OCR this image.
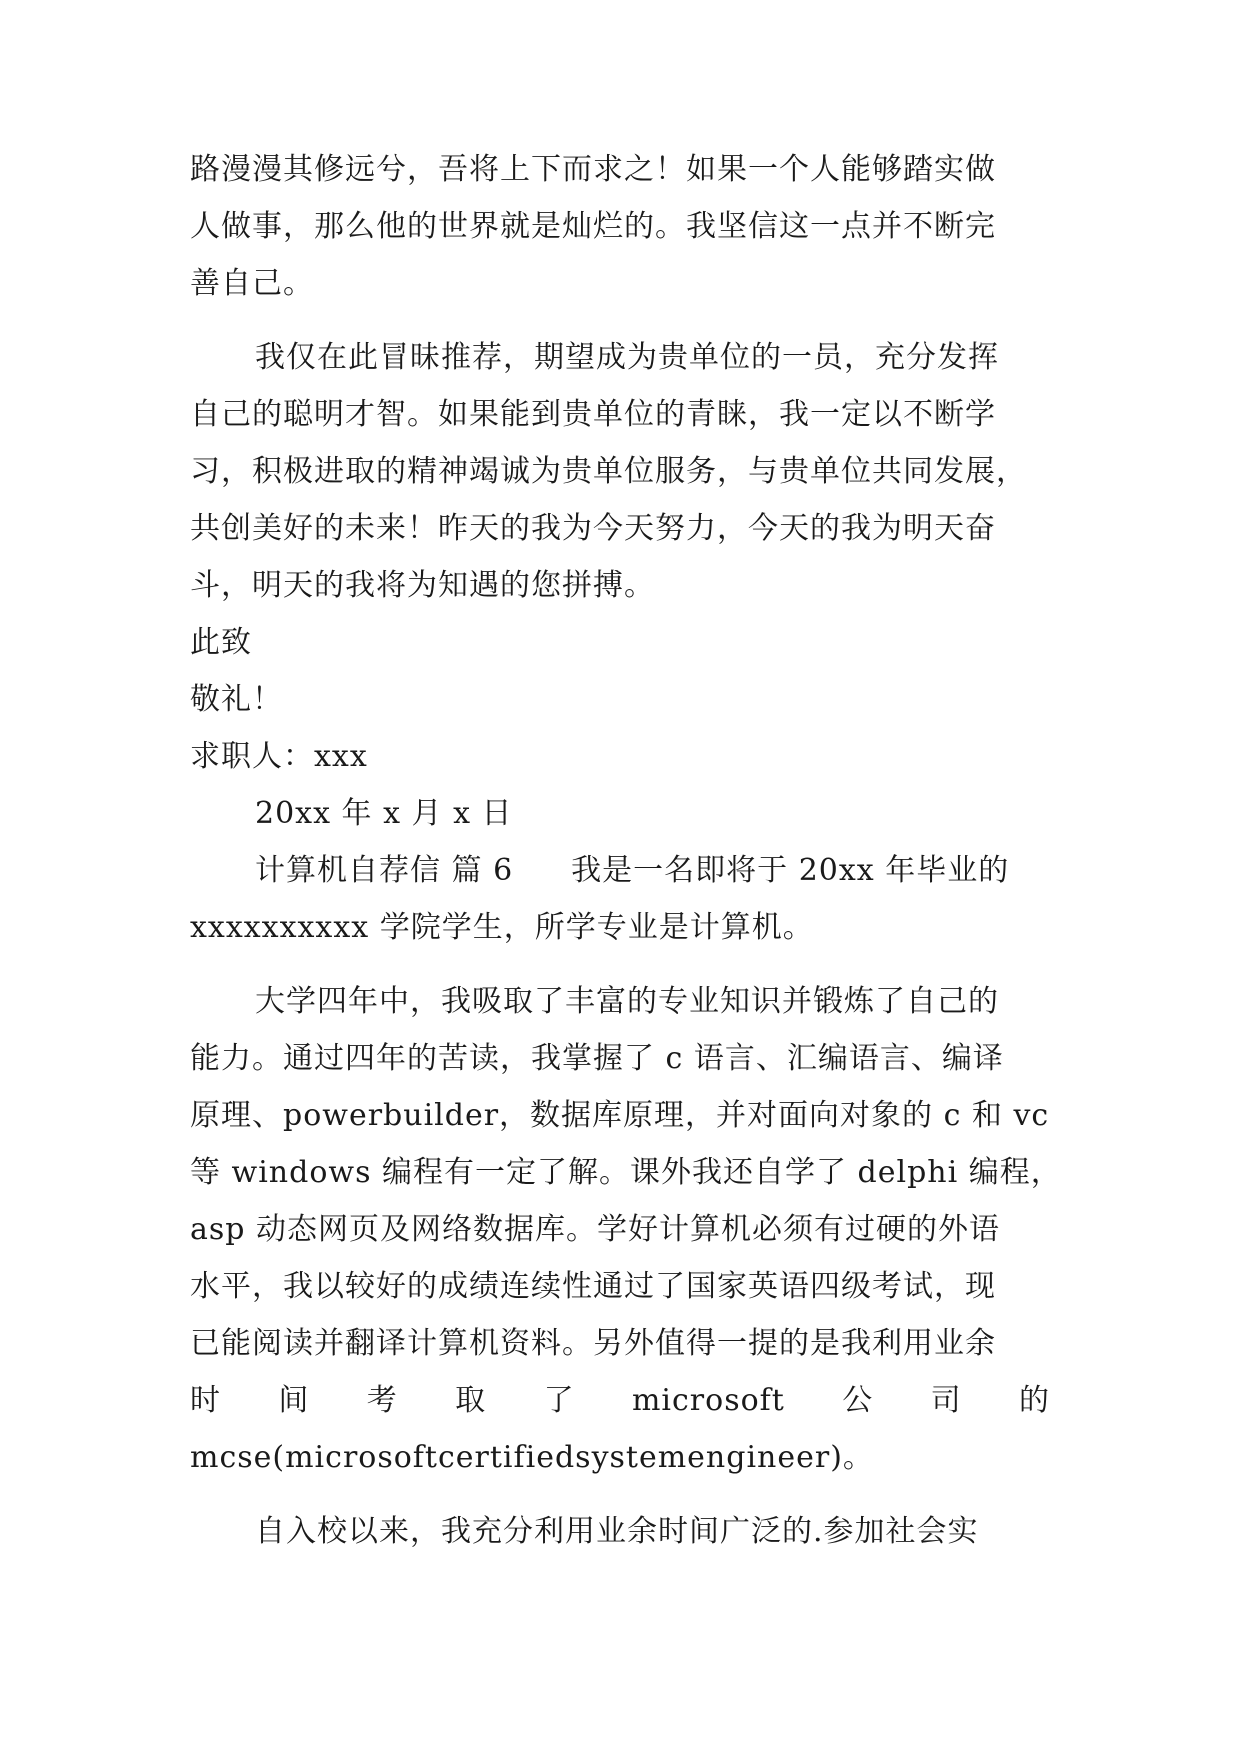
路漫漫其修远兮，吾将上下而求之！如果一个人能够踏实做
人做事，那么他的世界就是灿烂的。我坚信这一点并不断完
善自己。
我仅在此冒昧推荐，期望成为贵单位的一员，充分发挥
自己的聪明才智。如果能到贵单位的青睐，我一定以不断学
习，积极进取的精神竭诚为贵单位服务，与贵单位共同发展，
共创美好的未来！昨天的我为今天努力，今天的我为明天奋
斗，明天的我将为知遇的您拼搏。
此致
敬礼！
求职人：xxx
20xx 年 x 月 x 日
计算机自荐信 篇 6 我是一名即将于 20xx 年毕业的
xxxxxxxxxx 学院学生，所学专业是计算机。
大学四年中，我吸取了丰富的专业知识并锻炼了自己的
能力。通过四年的苦读，我掌握了 c 语言、汇编语言、编译
原理、powerbuilder，数据库原理，并对面向对象的 c 和 vc
等 windows 编程有一定了解。课外我还自学了 delphi 编程，
asp 动态网页及网络数据库。学好计算机必须有过硬的外语
水平，我以较好的成绩连续性通过了国家英语四级考试，现
已能阅读并翻译计算机资料。另外值得一提的是我利用业余
时 间 考 取 了 microsoft 公 司 的
mcse(microsoftcertifiedsystemengineer)。
自入校以来，我充分利用业余时间广泛的.参加社会实
